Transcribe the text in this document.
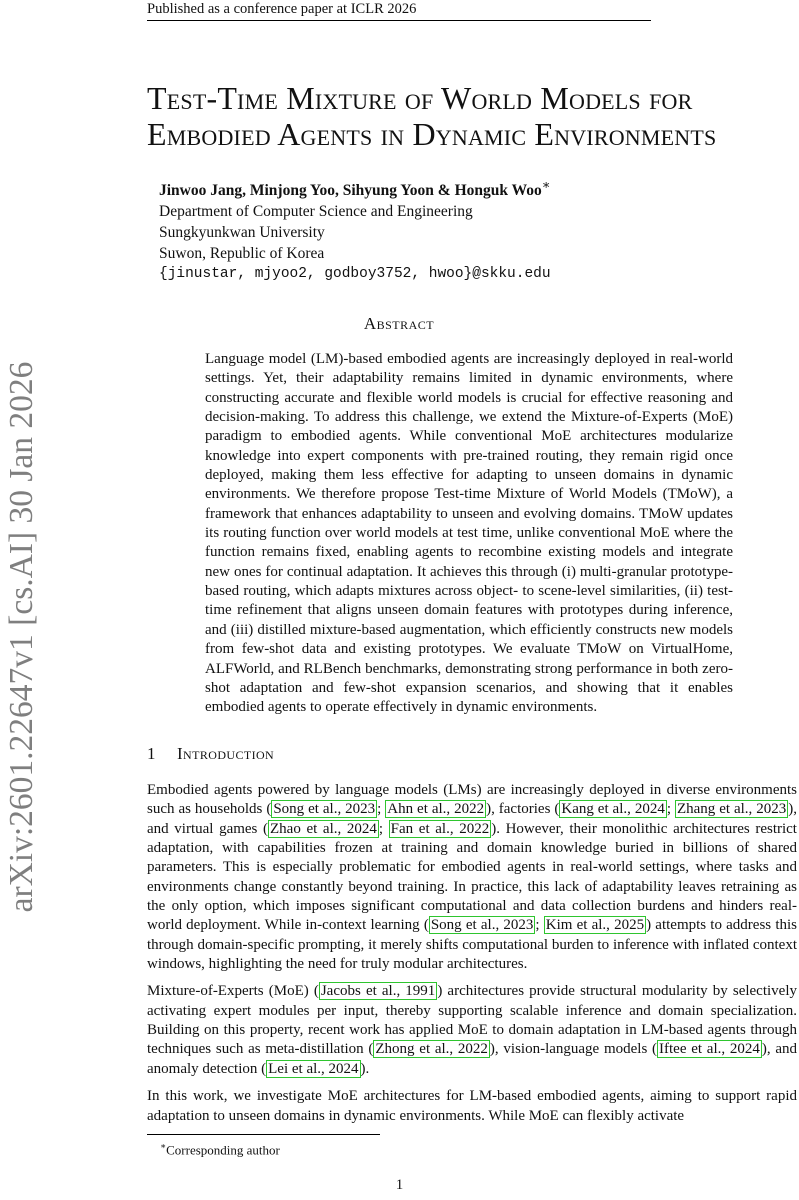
Published as a conference paper at ICLR 2026
arXiv:2601.22647v1 [cs.AI] 30 Jan 2026
Test-Time Mixture of World Models for Embodied Agents in Dynamic Environments
Jinwoo Jang, Minjong Yoo, Sihyung Yoon & Honguk Woo∗
Department of Computer Science and Engineering
Sungkyunkwan University
Suwon, Republic of Korea
{jinustar, mjyoo2, godboy3752, hwoo}@skku.edu
Abstract

Language model (LM)-based embodied agents are increasingly deployed in real-world settings. Yet, their adaptability remains limited in dynamic environments, where constructing accurate and flexible world models is crucial for effective reasoning and decision-making. To address this challenge, we extend the Mixture-of-Experts (MoE) paradigm to embodied agents. While conventional MoE architectures modularize knowledge into expert components with pre-trained routing, they remain rigid once deployed, making them less effective for adapting to unseen domains in dynamic environments. We therefore propose Test-time Mixture of World Models (TMoW), a framework that enhances adaptability to unseen and evolving domains. TMoW updates its routing function over world models at test time, unlike conventional MoE where the function remains fixed, enabling agents to recombine existing models and integrate new ones for continual adaptation. It achieves this through (i) multi-granular prototype-based routing, which adapts mixtures across object- to scene-level similarities, (ii) test-time refinement that aligns unseen domain features with prototypes during inference, and (iii) distilled mixture-based augmentation, which efficiently constructs new models from few-shot data and existing prototypes. We evaluate TMoW on VirtualHome, ALFWorld, and RLBench benchmarks, demonstrating strong performance in both zero-shot adaptation and few-shot expansion scenarios, and showing that it enables embodied agents to operate effectively in dynamic environments.

1 Introduction

Embodied agents powered by language models (LMs) are increasingly deployed in diverse environments such as households ( Song et al., 2023 ; Ahn et al., 2022 ), factories ( Kang et al., 2024 ; Zhang et al., 2023 ), and virtual games ( Zhao et al., 2024 ; Fan et al., 2022 ). However, their monolithic architectures restrict adaptation, with capabilities frozen at training and domain knowledge buried in billions of shared parameters. This is especially problematic for embodied agents in real-world settings, where tasks and environments change constantly beyond training. In practice, this lack of adaptability leaves retraining as the only option, which imposes significant computational and data collection burdens and hinders real-world deployment. While in-context learning ( Song et al., 2023 ; Kim et al., 2025 ) attempts to address this through domain-specific prompting, it merely shifts computational burden to inference with inflated context windows, highlighting the need for truly modular architectures.

Mixture-of-Experts (MoE) ( Jacobs et al., 1991 ) architectures provide structural modularity by selectively activating expert modules per input, thereby supporting scalable inference and domain specialization. Building on this property, recent work has applied MoE to domain adaptation in LM-based agents through techniques such as meta-distillation ( Zhong et al., 2022 ), vision-language models ( Iftee et al., 2024 ), and anomaly detection ( Lei et al., 2024 ).

In this work, we investigate MoE architectures for LM-based embodied agents, aiming to support rapid adaptation to unseen domains in dynamic environments. While MoE can flexibly activate

∗Corresponding author
1
